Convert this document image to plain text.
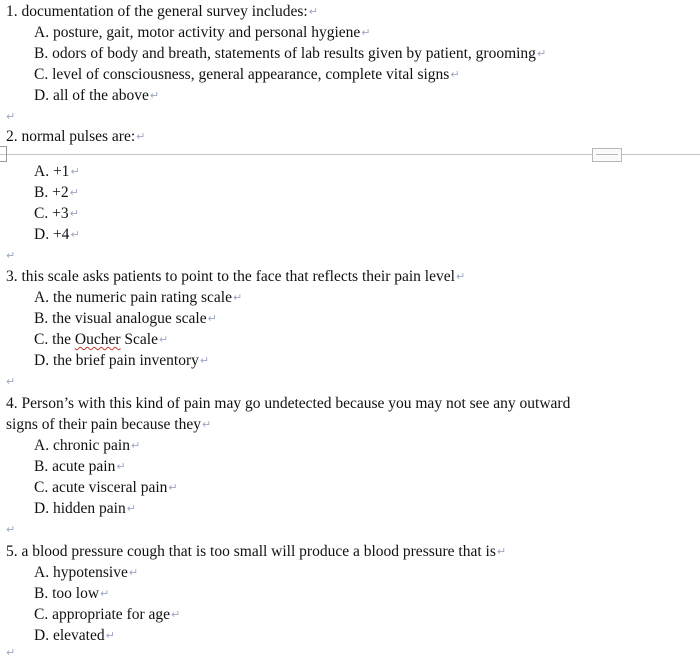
1. documentation of the general survey includes:↵
A. posture, gait, motor activity and personal hygiene↵
B. odors of body and breath, statements of lab results given by patient, grooming↵
C. level of consciousness, general appearance, complete vital signs↵
D. all of the above↵
↵
2. normal pulses are:↵
A. +1↵
B. +2↵
C. +3↵
D. +4↵
↵
3. this scale asks patients to point to the face that reflects their pain level↵
A. the numeric pain rating scale↵
B. the visual analogue scale↵
C. the Oucher Scale↵
D. the brief pain inventory↵
↵
4. Person’s with this kind of pain may go undetected because you may not see any outward
signs of their pain because they↵
A. chronic pain↵
B. acute pain↵
C. acute visceral pain↵
D. hidden pain↵
↵
5. a blood pressure cough that is too small will produce a blood pressure that is↵
A. hypotensive↵
B. too low↵
C. appropriate for age↵
D. elevated↵
↵
